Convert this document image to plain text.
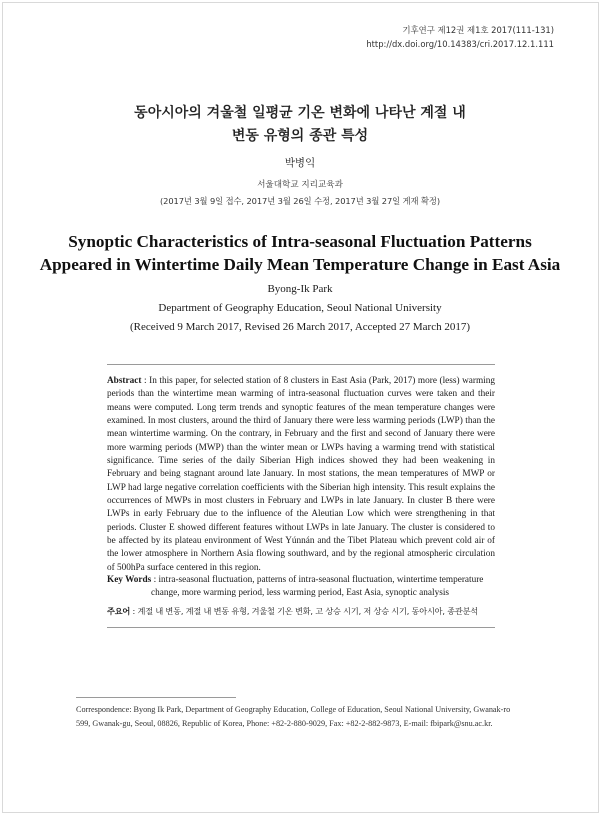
기후연구 제12권 제1호 2017(111-131)
http://dx.doi.org/10.14383/cri.2017.12.1.111
동아시아의 겨울철 일평균 기온 변화에 나타난 계절 내
변동 유형의 종관 특성
박병익
서울대학교 지리교육과
(2017년 3월 9일 접수, 2017년 3월 26일 수정, 2017년 3월 27일 게재 확정)
Synoptic Characteristics of Intra-seasonal Fluctuation Patterns
Appeared in Wintertime Daily Mean Temperature Change in East Asia
Byong-Ik Park
Department of Geography Education, Seoul National University
(Received 9 March 2017, Revised 26 March 2017, Accepted 27 March 2017)
Abstract : In this paper, for selected station of 8 clusters in East Asia (Park, 2017) more (less) warming periods than the wintertime mean warming of intra-seasonal fluctuation curves were taken and their means were computed. Long term trends and synoptic features of the mean temperature changes were examined. In most clusters, around the third of January there were less warming periods (LWP) than the mean wintertime warming. On the contrary, in February and the first and second of January there were more warming periods (MWP) than the winter mean or LWPs having a warming trend with statistical significance. Time series of the daily Siberian High indices showed they had been weakening in February and being stagnant around late January. In most stations, the mean temperatures of MWP or LWP had large negative correlation coefficients with the Siberian high intensity. This result explains the occurrences of MWPs in most clusters in February and LWPs in late January. In cluster B there were LWPs in early February due to the influence of the Aleutian Low which were strengthening in that periods. Cluster E showed different features without LWPs in late January. The cluster is considered to be affected by its plateau environment of West Yúnnán and the Tibet Plateau which prevent cold air of the lower atmosphere in Northern Asia flowing southward, and by the regional atmospheric circulation of 500hPa surface centered in this region.
Key Words : intra-seasonal fluctuation, patterns of intra-seasonal fluctuation, wintertime temperature
change, more warming period, less warming period, East Asia, synoptic analysis
주요어 : 계절 내 변동, 계절 내 변동 유형, 겨울철 기온 변화, 고 상승 시기, 저 상승 시기, 동아시아, 종관분석
Correspondence: Byong Ik Park, Department of Geography Education, College of Education, Seoul National University, Gwanak-ro
599, Gwanak-gu, Seoul, 08826, Republic of Korea, Phone: +82-2-880-9029, Fax: +82-2-882-9873, E-mail: fbipark@snu.ac.kr.
